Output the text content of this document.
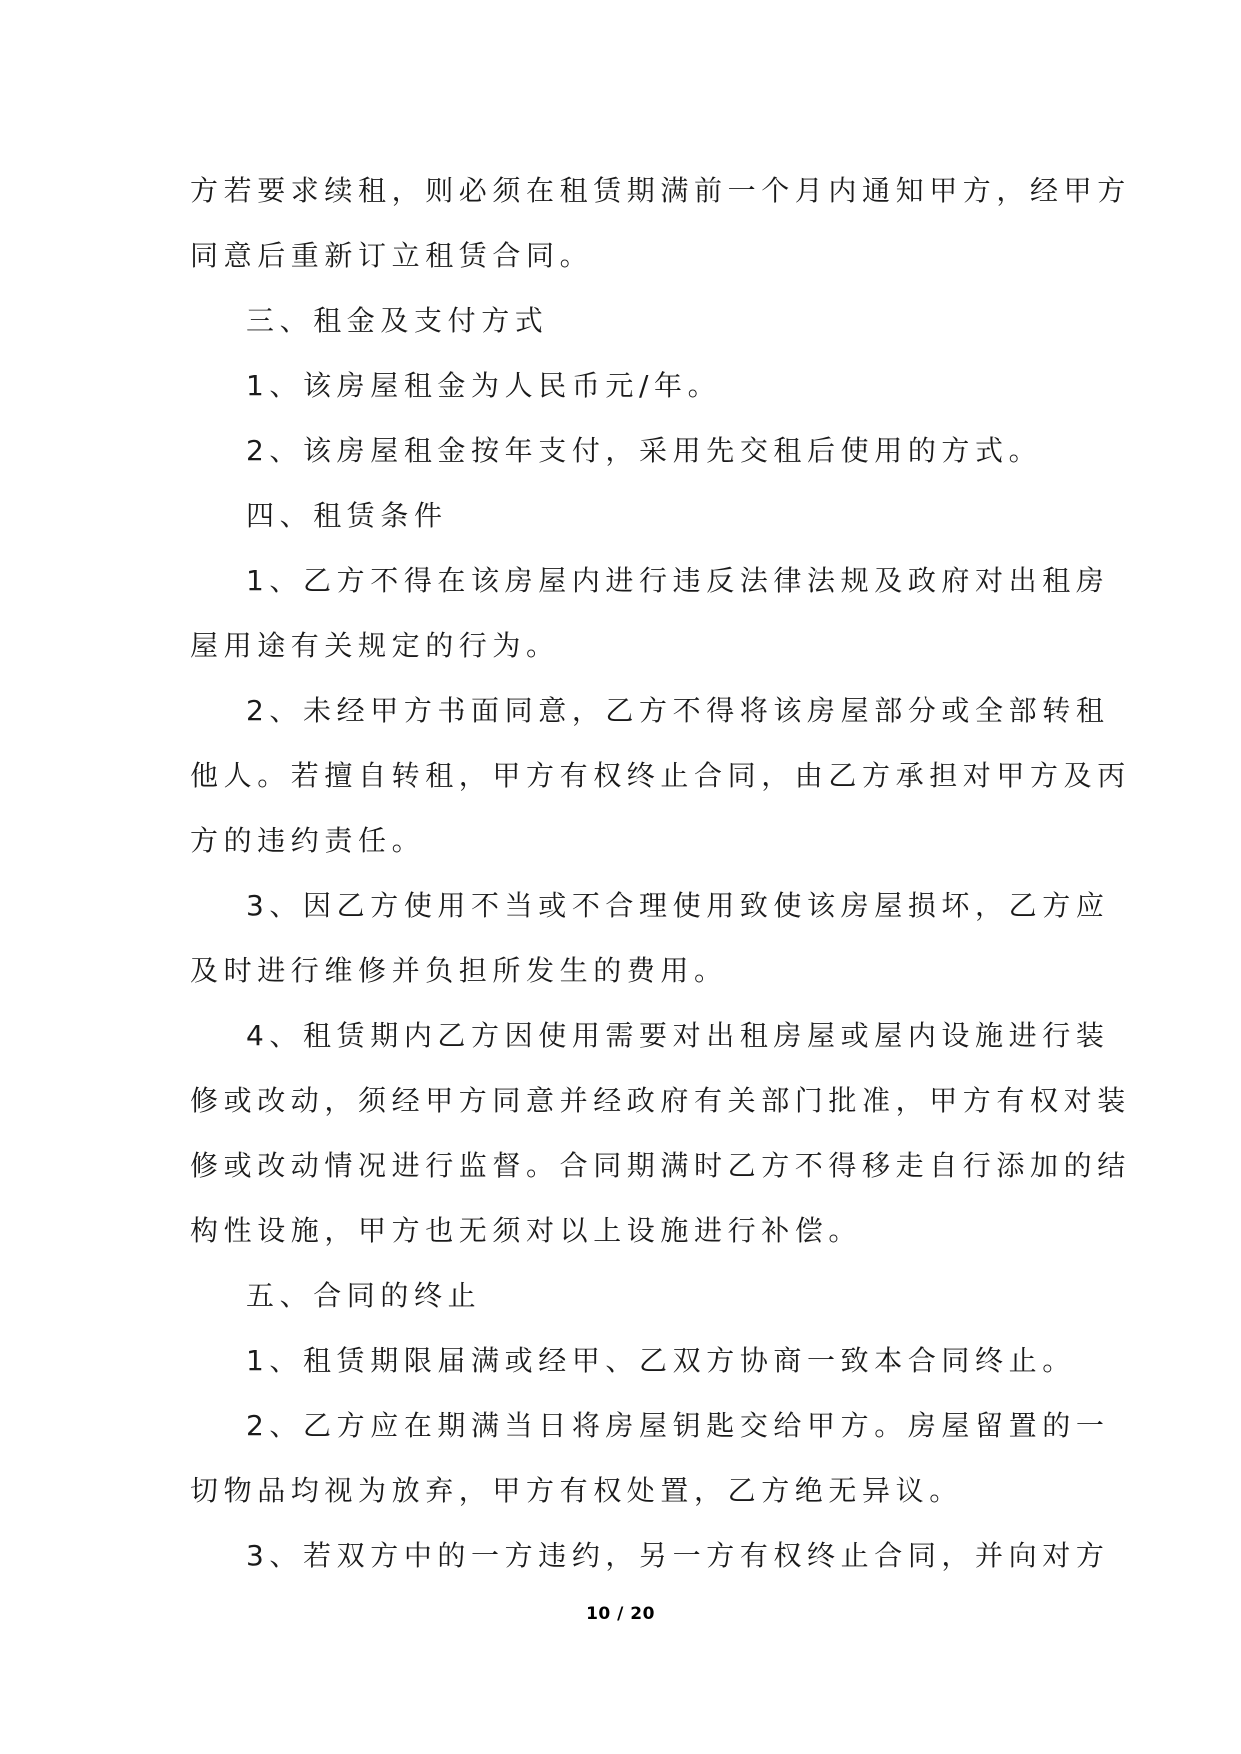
方若要求续租，则必须在租赁期满前一个月内通知甲方，经甲方
同意后重新订立租赁合同。
三、租金及支付方式
1、该房屋租金为人民币元/年。
2、该房屋租金按年支付，采用先交租后使用的方式。
四、租赁条件
1、乙方不得在该房屋内进行违反法律法规及政府对出租房
屋用途有关规定的行为。
2、未经甲方书面同意，乙方不得将该房屋部分或全部转租
他人。若擅自转租，甲方有权终止合同，由乙方承担对甲方及丙
方的违约责任。
3、因乙方使用不当或不合理使用致使该房屋损坏，乙方应
及时进行维修并负担所发生的费用。
4、租赁期内乙方因使用需要对出租房屋或屋内设施进行装
修或改动，须经甲方同意并经政府有关部门批准，甲方有权对装
修或改动情况进行监督。合同期满时乙方不得移走自行添加的结
构性设施，甲方也无须对以上设施进行补偿。
五、合同的终止
1、租赁期限届满或经甲、乙双方协商一致本合同终止。
2、乙方应在期满当日将房屋钥匙交给甲方。房屋留置的一
切物品均视为放弃，甲方有权处置，乙方绝无异议。
3、若双方中的一方违约，另一方有权终止合同，并向对方
10 / 20
